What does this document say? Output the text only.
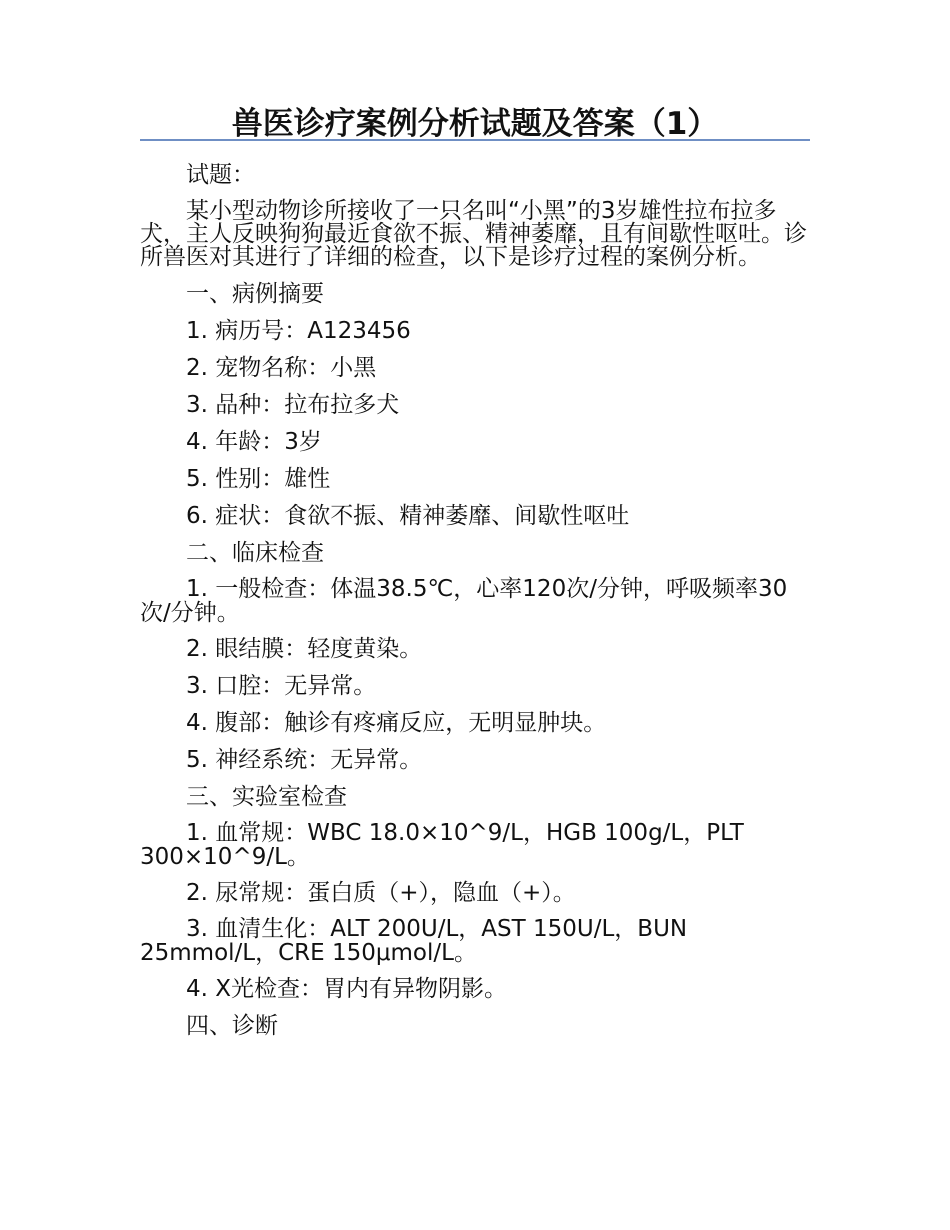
兽医诊疗案例分析试题及答案（1）

试题：

某小型动物诊所接收了一只名叫“小黑”的3岁雄性拉布拉多犬，主人反映狗狗最近食欲不振、精神萎靡，且有间歇性呕吐。诊所兽医对其进行了详细的检查，以下是诊疗过程的案例分析。

一、病例摘要

1. 病历号：A123456

2. 宠物名称：小黑

3. 品种：拉布拉多犬

4. 年龄：3岁

5. 性别：雄性

6. 症状：食欲不振、精神萎靡、间歇性呕吐

二、临床检查

1. 一般检查：体温38.5℃，心率120次/分钟，呼吸频率30次/分钟。

2. 眼结膜：轻度黄染。

3. 口腔：无异常。

4. 腹部：触诊有疼痛反应，无明显肿块。

5. 神经系统：无异常。

三、实验室检查

1. 血常规：WBC 18.0×10^9/L，HGB 100g/L，PLT 300×10^9/L。

2. 尿常规：蛋白质（+），隐血（+）。

3. 血清生化：ALT 200U/L，AST 150U/L，BUN 25mmol/L，CRE 150μmol/L。

4. X光检查：胃内有异物阴影。

四、诊断
